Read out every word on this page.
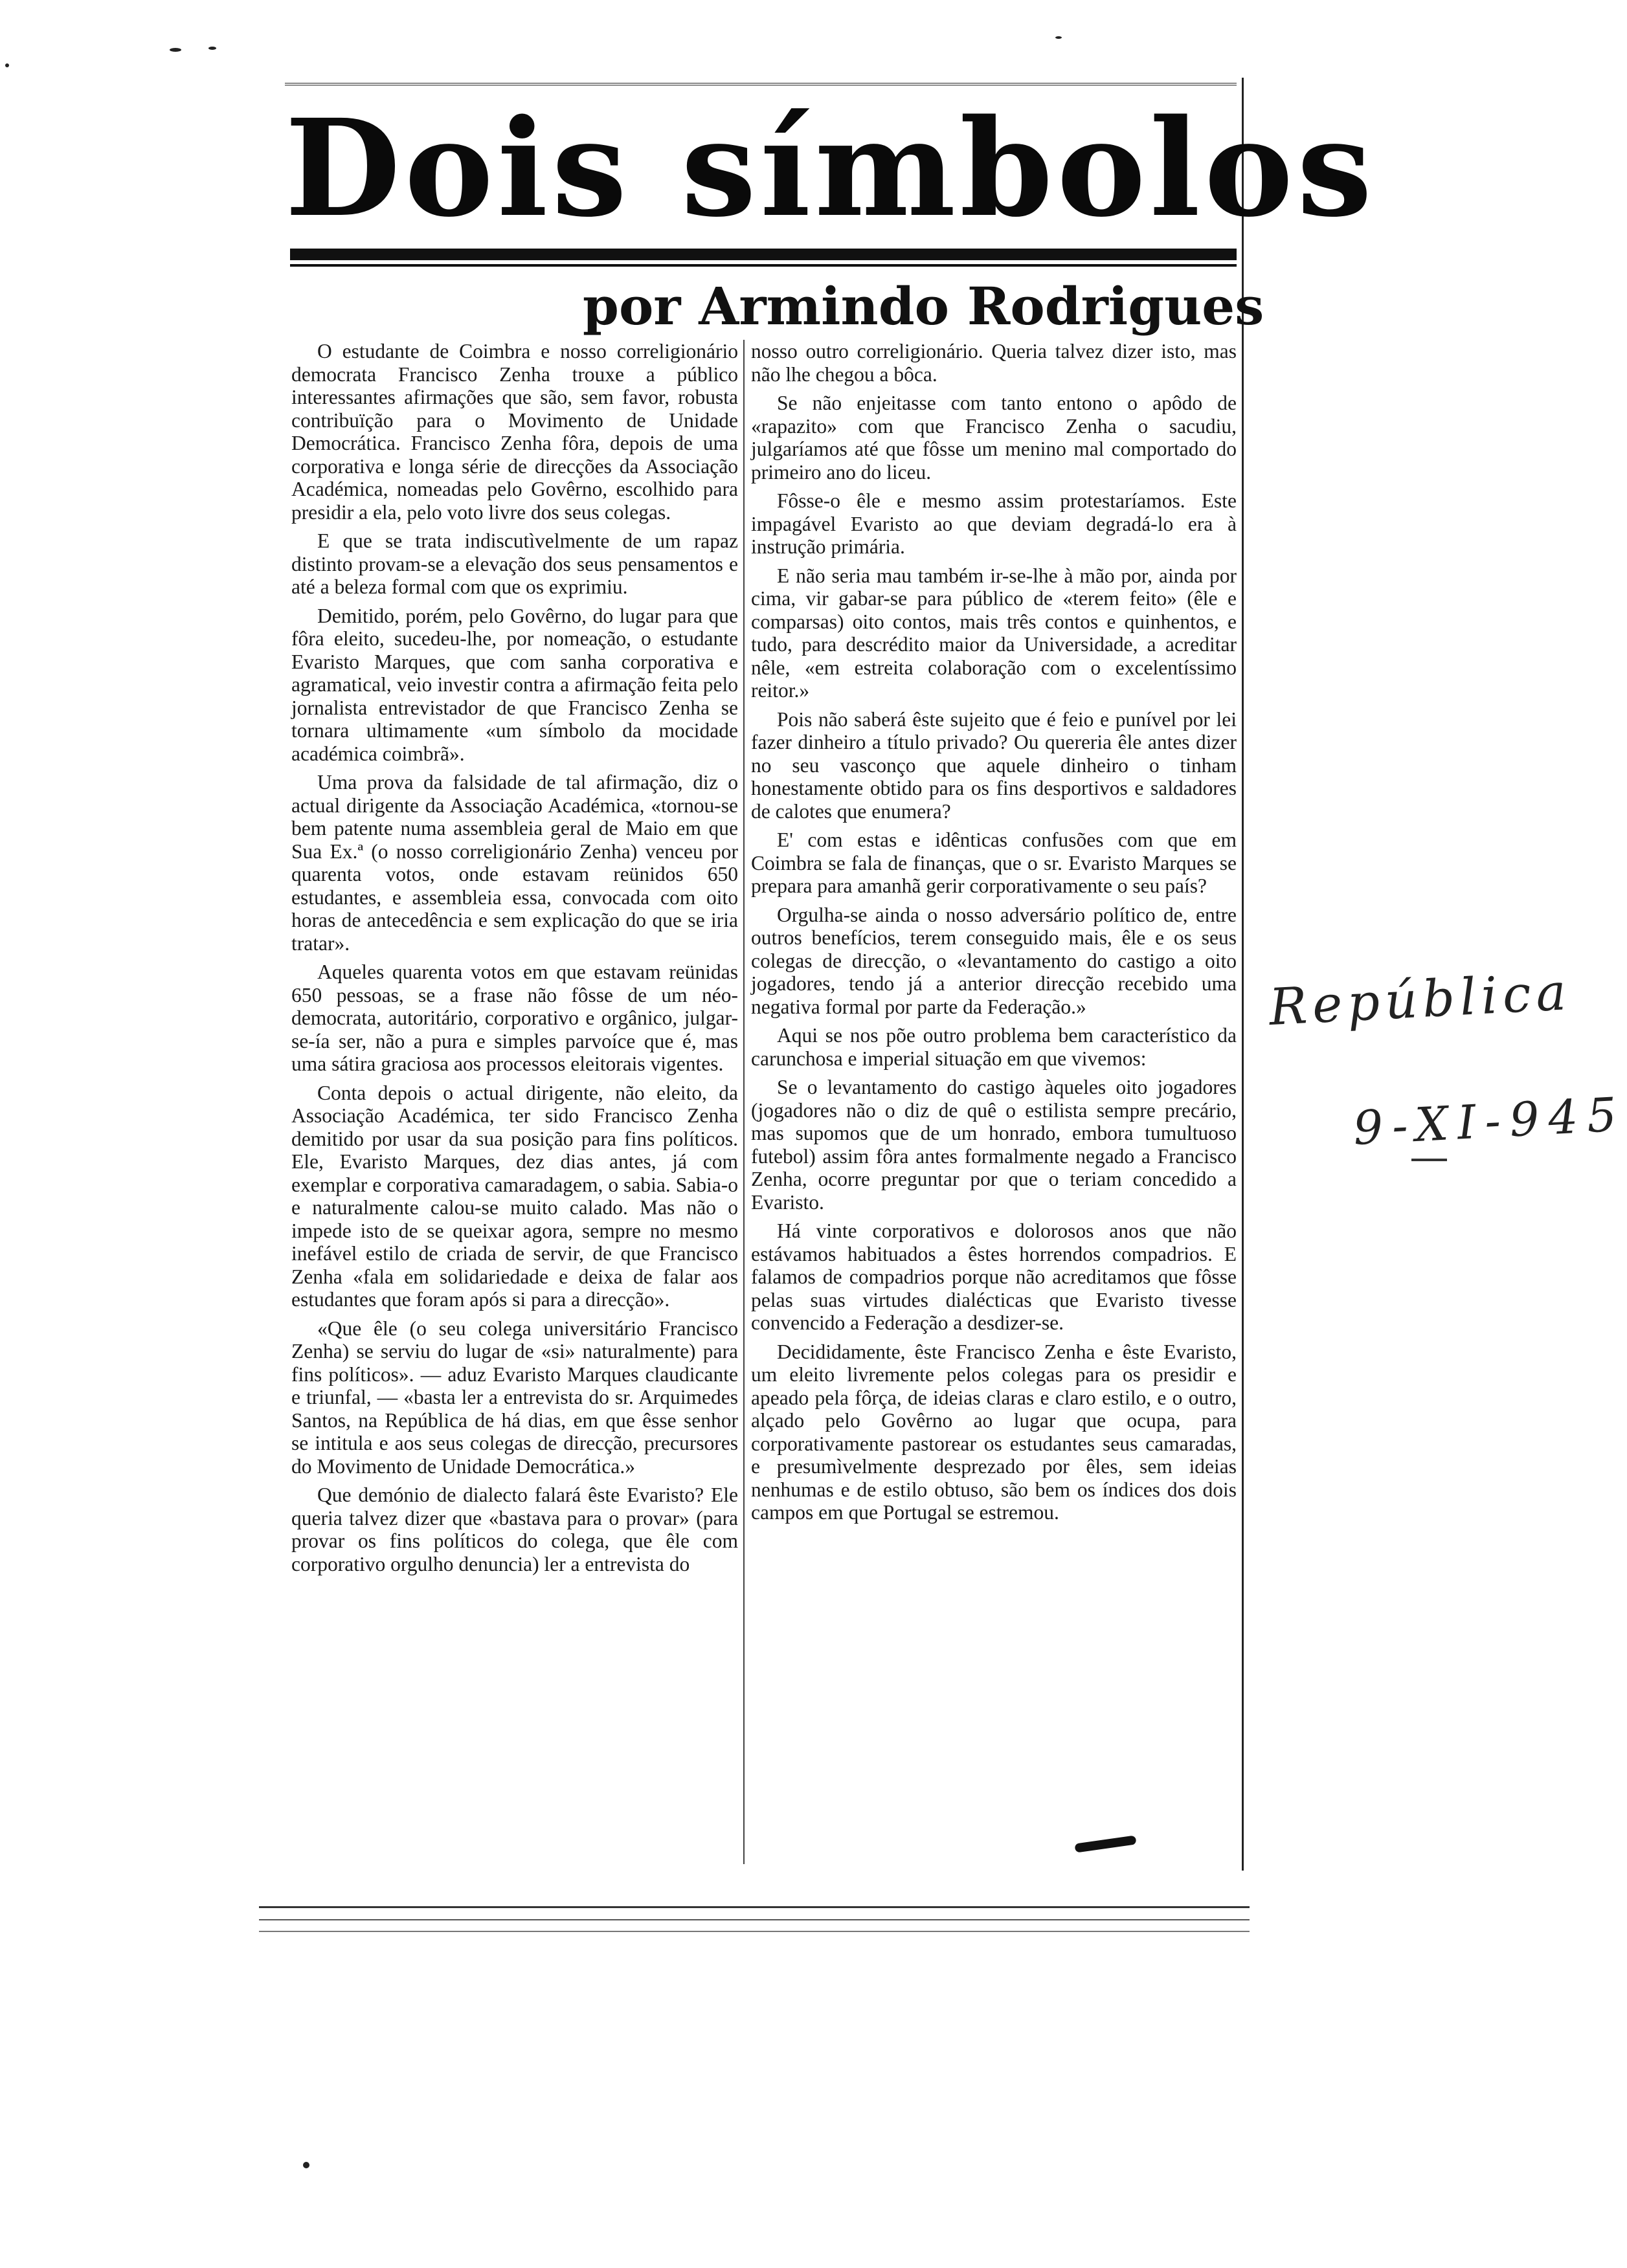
Dois símbolos
por Armindo Rodrigues

O estudante de Coimbra e nosso correligionário democrata Francisco Zenha trouxe a público interessantes afirmações que são, sem favor, robusta contribuïção para o Movimento de Unidade Democrática. Francisco Zenha fôra, depois de uma corporativa e longa série de direcções da Associação Académica, nomeadas pelo Govêrno, escolhido para presidir a ela, pelo voto livre dos seus colegas.

E que se trata indiscutìvelmente de um rapaz distinto provam-se a elevação dos seus pensamentos e até a beleza formal com que os exprimiu.

Demitido, porém, pelo Govêrno, do lugar para que fôra eleito, sucedeu-lhe, por nomeação, o estudante Evaristo Marques, que com sanha corporativa e agramatical, veio investir contra a afirmação feita pelo jornalista entrevistador de que Francisco Zenha se tornara ultimamente «um símbolo da mocidade académica coimbrã».

Uma prova da falsidade de tal afirmação, diz o actual dirigente da Associação Académica, «tornou-se bem patente numa assembleia geral de Maio em que Sua Ex.ª (o nosso correligionário Zenha) venceu por quarenta votos, onde estavam reünidos 650 estudantes, e assembleia essa, convocada com oito horas de antecedência e sem explicação do que se iria tratar».

Aqueles quarenta votos em que estavam reünidas 650 pessoas, se a frase não fôsse de um néo-democrata, autoritário, corporativo e orgânico, julgar-se-ía ser, não a pura e simples parvoíce que é, mas uma sátira graciosa aos processos eleitorais vigentes.

Conta depois o actual dirigente, não eleito, da Associação Académica, ter sido Francisco Zenha demitido por usar da sua posição para fins políticos. Ele, Evaristo Marques, dez dias antes, já com exemplar e corporativa camaradagem, o sabia. Sabia-o e naturalmente calou-se muito calado. Mas não o impede isto de se queixar agora, sempre no mesmo inefável estilo de criada de servir, de que Francisco Zenha «fala em solidariedade e deixa de falar aos estudantes que foram após si para a direcção».

«Que êle (o seu colega universitário Francisco Zenha) se serviu do lugar de «si» naturalmente) para fins políticos». — aduz Evaristo Marques claudicante e triunfal, — «basta ler a entrevista do sr. Arquimedes Santos, na República de há dias, em que êsse senhor se intitula e aos seus colegas de direcção, precursores do Movimento de Unidade Democrática.»

Que demónio de dialecto falará êste Evaristo? Ele queria talvez dizer que «bastava para o provar» (para provar os fins políticos do colega, que êle com corporativo orgulho denuncia) ler a entrevista do

nosso outro correligionário. Queria talvez dizer isto, mas não lhe chegou a bôca.

Se não enjeitasse com tanto entono o apôdo de «rapazito» com que Francisco Zenha o sacudiu, julgaríamos até que fôsse um menino mal comportado do primeiro ano do liceu.

Fôsse-o êle e mesmo assim protestaríamos. Este impagável Evaristo ao que deviam degradá-lo era à instrução primária.

E não seria mau também ir-se-lhe à mão por, ainda por cima, vir gabar-se para público de «terem feito» (êle e comparsas) oito contos, mais três contos e quinhentos, e tudo, para descrédito maior da Universidade, a acreditar nêle, «em estreita colaboração com o excelentíssimo reitor.»

Pois não saberá êste sujeito que é feio e punível por lei fazer dinheiro a título privado? Ou quereria êle antes dizer no seu vasconço que aquele dinheiro o tinham honestamente obtido para os fins desportivos e saldadores de calotes que enumera?

E' com estas e idênticas confusões com que em Coimbra se fala de finanças, que o sr. Evaristo Marques se prepara para amanhã gerir corporativamente o seu país?

Orgulha-se ainda o nosso adversário político de, entre outros benefícios, terem conseguido mais, êle e os seus colegas de direcção, o «levantamento do castigo a oito jogadores, tendo já a anterior direcção recebido uma negativa formal por parte da Federação.»

Aqui se nos põe outro problema bem característico da carunchosa e imperial situação em que vivemos:

Se o levantamento do castigo àqueles oito jogadores (jogadores não o diz de quê o estilista sempre precário, mas supomos que de um honrado, embora tumultuoso futebol) assim fôra antes formalmente negado a Francisco Zenha, ocorre preguntar por que o teriam concedido a Evaristo.

Há vinte corporativos e dolorosos anos que não estávamos habituados a êstes horrendos compadrios. E falamos de compadrios porque não acreditamos que fôsse pelas suas virtudes dialécticas que Evaristo tivesse convencido a Federação a desdizer-se.

Decididamente, êste Francisco Zenha e êste Evaristo, um eleito livremente pelos colegas para os presidir e apeado pela fôrça, de ideias claras e claro estilo, e o outro, alçado pelo Govêrno ao lugar que ocupa, para corporativamente pastorear os estudantes seus camaradas, e presumìvelmente desprezado por êles, sem ideias nenhumas e de estilo obtuso, são bem os índices dos dois campos em que Portugal se estremou.

República
9-XI-945
